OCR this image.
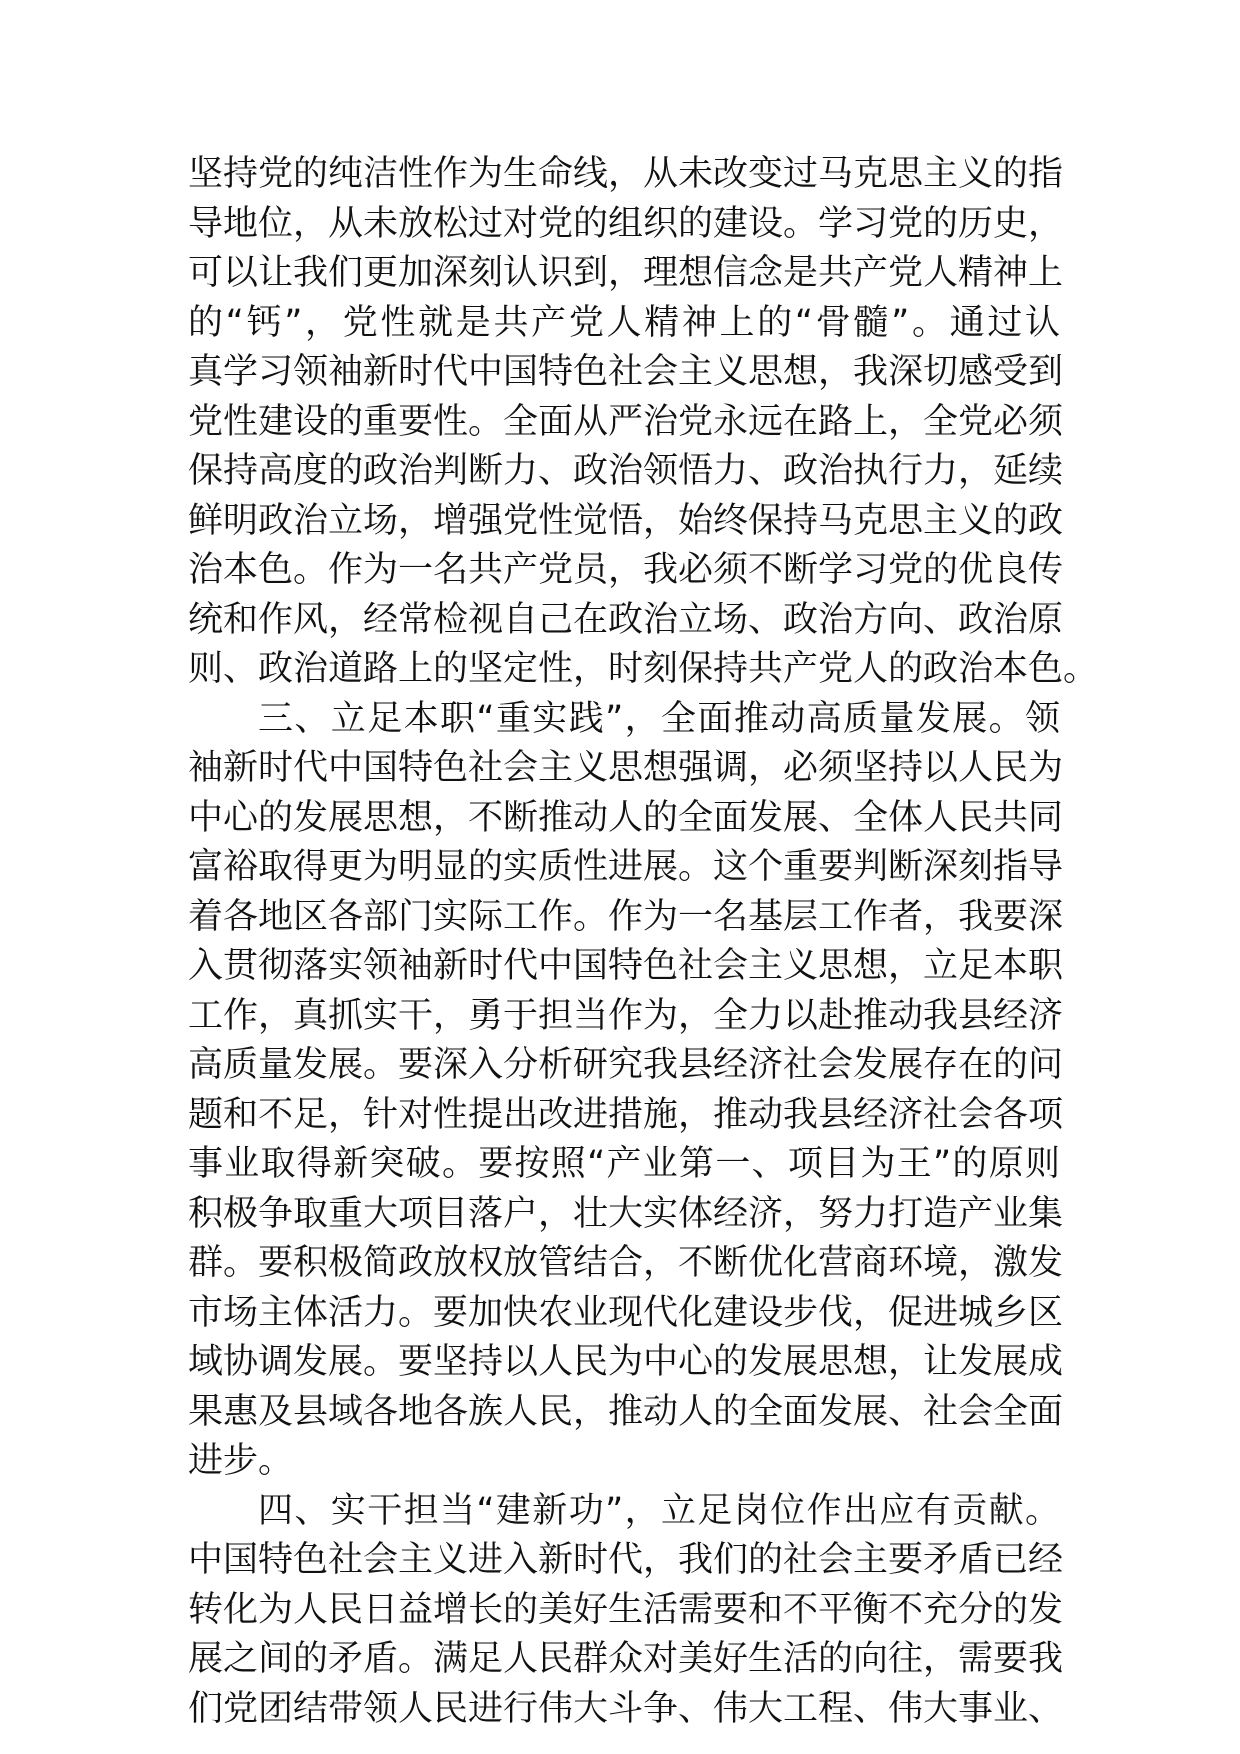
坚持党的纯洁性作为生命线，从未改变过马克思主义的指
导地位，从未放松过对党的组织的建设。学习党的历史，
可以让我们更加深刻认识到，理想信念是共产党人精神上
的“钙”，党性就是共产党人精神上的“骨髓”。通过认
真学习领袖新时代中国特色社会主义思想，我深切感受到
党性建设的重要性。全面从严治党永远在路上，全党必须
保持高度的政治判断力、政治领悟力、政治执行力，延续
鲜明政治立场，增强党性觉悟，始终保持马克思主义的政
治本色。作为一名共产党员，我必须不断学习党的优良传
统和作风，经常检视自己在政治立场、政治方向、政治原
则、政治道路上的坚定性，时刻保持共产党人的政治本色。
三、立足本职“重实践”，全面推动高质量发展。领
袖新时代中国特色社会主义思想强调，必须坚持以人民为
中心的发展思想，不断推动人的全面发展、全体人民共同
富裕取得更为明显的实质性进展。这个重要判断深刻指导
着各地区各部门实际工作。作为一名基层工作者，我要深
入贯彻落实领袖新时代中国特色社会主义思想，立足本职
工作，真抓实干，勇于担当作为，全力以赴推动我县经济
高质量发展。要深入分析研究我县经济社会发展存在的问
题和不足，针对性提出改进措施，推动我县经济社会各项
事业取得新突破。要按照“产业第一、项目为王”的原则
积极争取重大项目落户，壮大实体经济，努力打造产业集
群。要积极简政放权放管结合，不断优化营商环境，激发
市场主体活力。要加快农业现代化建设步伐，促进城乡区
域协调发展。要坚持以人民为中心的发展思想，让发展成
果惠及县域各地各族人民，推动人的全面发展、社会全面
进步。
四、实干担当“建新功”，立足岗位作出应有贡献。
中国特色社会主义进入新时代，我们的社会主要矛盾已经
转化为人民日益增长的美好生活需要和不平衡不充分的发
展之间的矛盾。满足人民群众对美好生活的向往，需要我
们党团结带领人民进行伟大斗争、伟大工程、伟大事业、
